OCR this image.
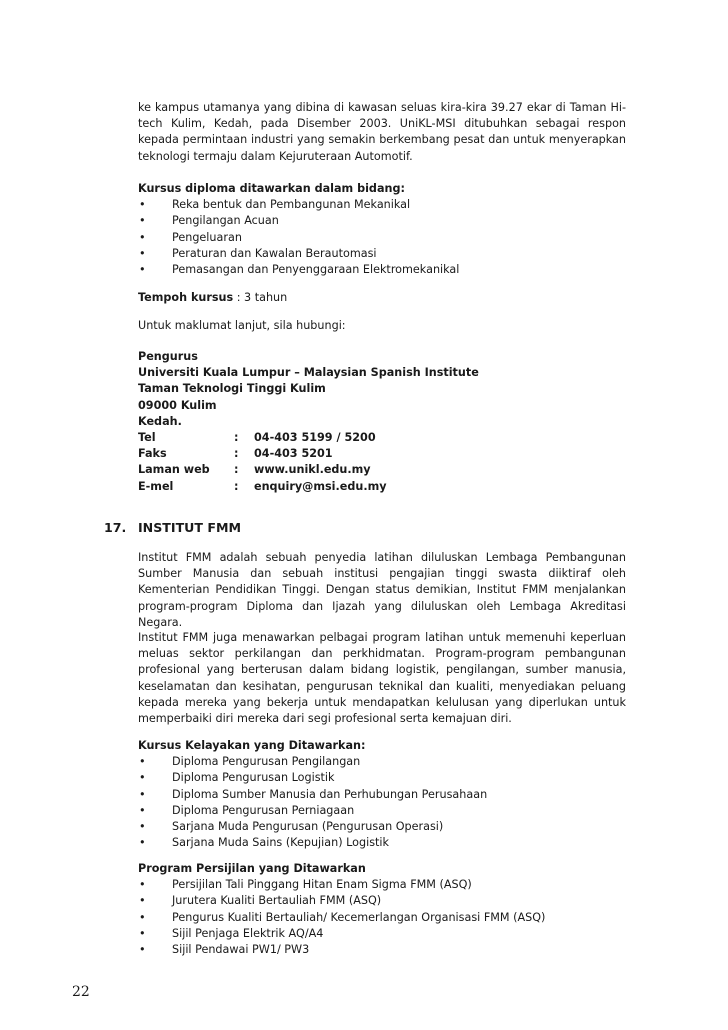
ke kampus utamanya yang dibina di kawasan seluas kira-kira 39.27 ekar di Taman Hi-tech Kulim, Kedah, pada Disember 2003. UniKL-MSI ditubuhkan sebagai respon kepada permintaan industri yang semakin berkembang pesat dan untuk menyerapkan teknologi termaju dalam Kejuruteraan Automotif.

Kursus diploma ditawarkan dalam bidang:

• Reka bentuk dan Pembangunan Mekanikal
• Pengilangan Acuan
• Pengeluaran
• Peraturan dan Kawalan Berautomasi
• Pemasangan dan Penyenggaraan Elektromekanikal

Tempoh kursus : 3 tahun

Untuk maklumat lanjut, sila hubungi:

Pengurus
Universiti Kuala Lumpur – Malaysian Spanish Institute
Taman Teknologi Tinggi Kulim
09000 Kulim
Kedah.
Tel	:	04-403 5199 / 5200
Faks	:	04-403 5201
Laman web	:	www.unikl.edu.my
E-mel	:	enquiry@msi.edu.my
17. INSTITUT FMM

Institut FMM adalah sebuah penyedia latihan diluluskan Lembaga Pembangunan Sumber Manusia dan sebuah institusi pengajian tinggi swasta diiktiraf oleh Kementerian Pendidikan Tinggi. Dengan status demikian, Institut FMM menjalankan program-program Diploma dan Ijazah yang diluluskan oleh Lembaga Akreditasi Negara.

Institut FMM juga menawarkan pelbagai program latihan untuk memenuhi keperluan meluas sektor perkilangan dan perkhidmatan. Program-program pembangunan profesional yang berterusan dalam bidang logistik, pengilangan, sumber manusia, keselamatan dan kesihatan, pengurusan teknikal dan kualiti, menyediakan peluang kepada mereka yang bekerja untuk mendapatkan kelulusan yang diperlukan untuk memperbaiki diri mereka dari segi profesional serta kemajuan diri.

Kursus Kelayakan yang Ditawarkan:

• Diploma Pengurusan Pengilangan
• Diploma Pengurusan Logistik
• Diploma Sumber Manusia dan Perhubungan Perusahaan
• Diploma Pengurusan Perniagaan
• Sarjana Muda Pengurusan (Pengurusan Operasi)
• Sarjana Muda Sains (Kepujian) Logistik

Program Persijilan yang Ditawarkan

• Persijilan Tali Pinggang Hitan Enam Sigma FMM (ASQ)
• Jurutera Kualiti Bertauliah FMM (ASQ)
• Pengurus Kualiti Bertauliah/ Kecemerlangan Organisasi FMM (ASQ)
• Sijil Penjaga Elektrik AQ/A4
• Sijil Pendawai PW1/ PW3
22
